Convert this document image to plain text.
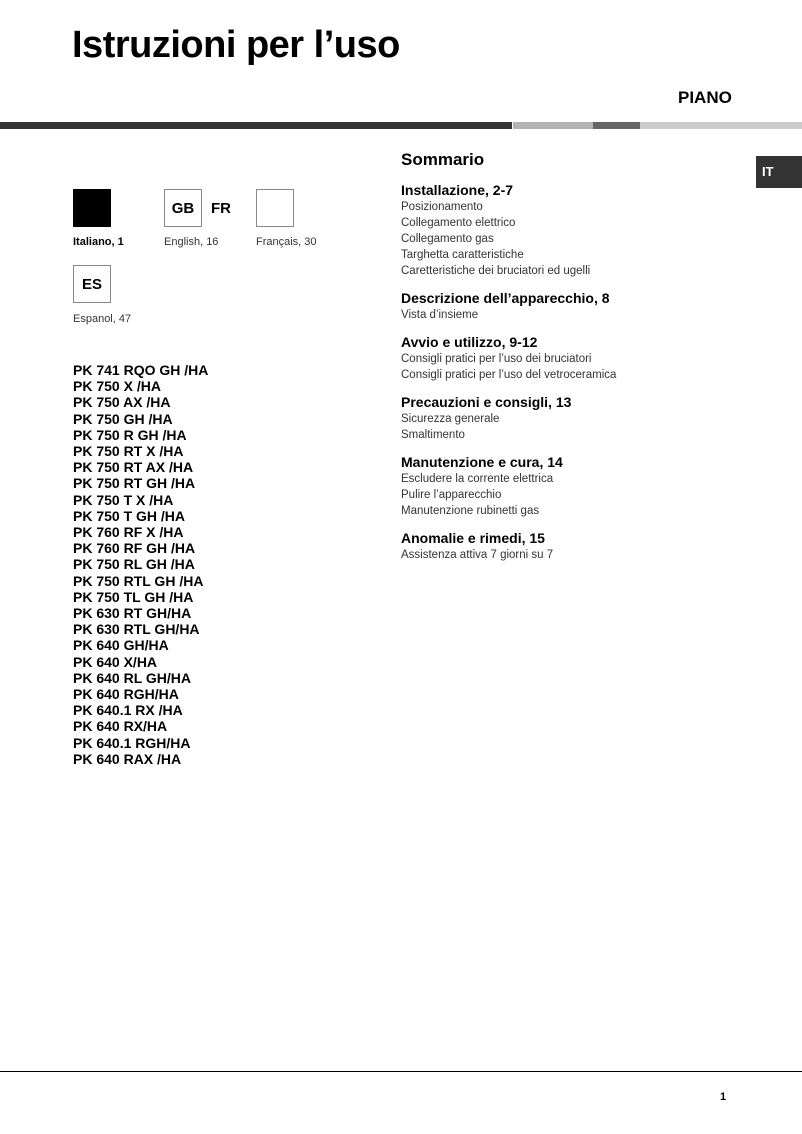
Istruzioni per l’uso
PIANO
GB FR
Italiano, 1	English, 16	Français, 30
ES
Espanol, 47
PK 741 RQO GH /HA
PK 750 X /HA
PK 750 AX /HA
PK 750 GH /HA
PK 750 R GH /HA
PK 750 RT X /HA
PK 750 RT AX /HA
PK 750 RT GH /HA
PK 750 T X /HA
PK 750 T GH /HA
PK 760 RF X /HA
PK 760 RF GH /HA
PK 750 RL GH /HA
PK 750 RTL GH /HA
PK 750 TL GH /HA
PK 630 RT GH/HA
PK 630 RTL GH/HA
PK 640 GH/HA
PK 640 X/HA
PK 640 RL GH/HA
PK 640 RGH/HA
PK 640.1 RX /HA
PK 640 RX/HA
PK 640.1 RGH/HA
PK 640 RAX /HA
Sommario
Installazione, 2-7
Posizionamento
Collegamento elettrico
Collegamento gas
Targhetta caratteristiche
Caretteristiche dei bruciatori ed ugelli
Descrizione dell’apparecchio, 8
Vista d’insieme
Avvio e utilizzo, 9-12
Consigli pratici per l’uso dei bruciatori
Consigli pratici per l’uso del vetroceramica
Precauzioni e consigli, 13
Sicurezza generale
Smaltimento
Manutenzione e cura, 14
Escludere la corrente elettrica
Pulire l’apparecchio
Manutenzione rubinetti gas
Anomalie e rimedi, 15
Assistenza attiva 7 giorni su 7
IT
1
